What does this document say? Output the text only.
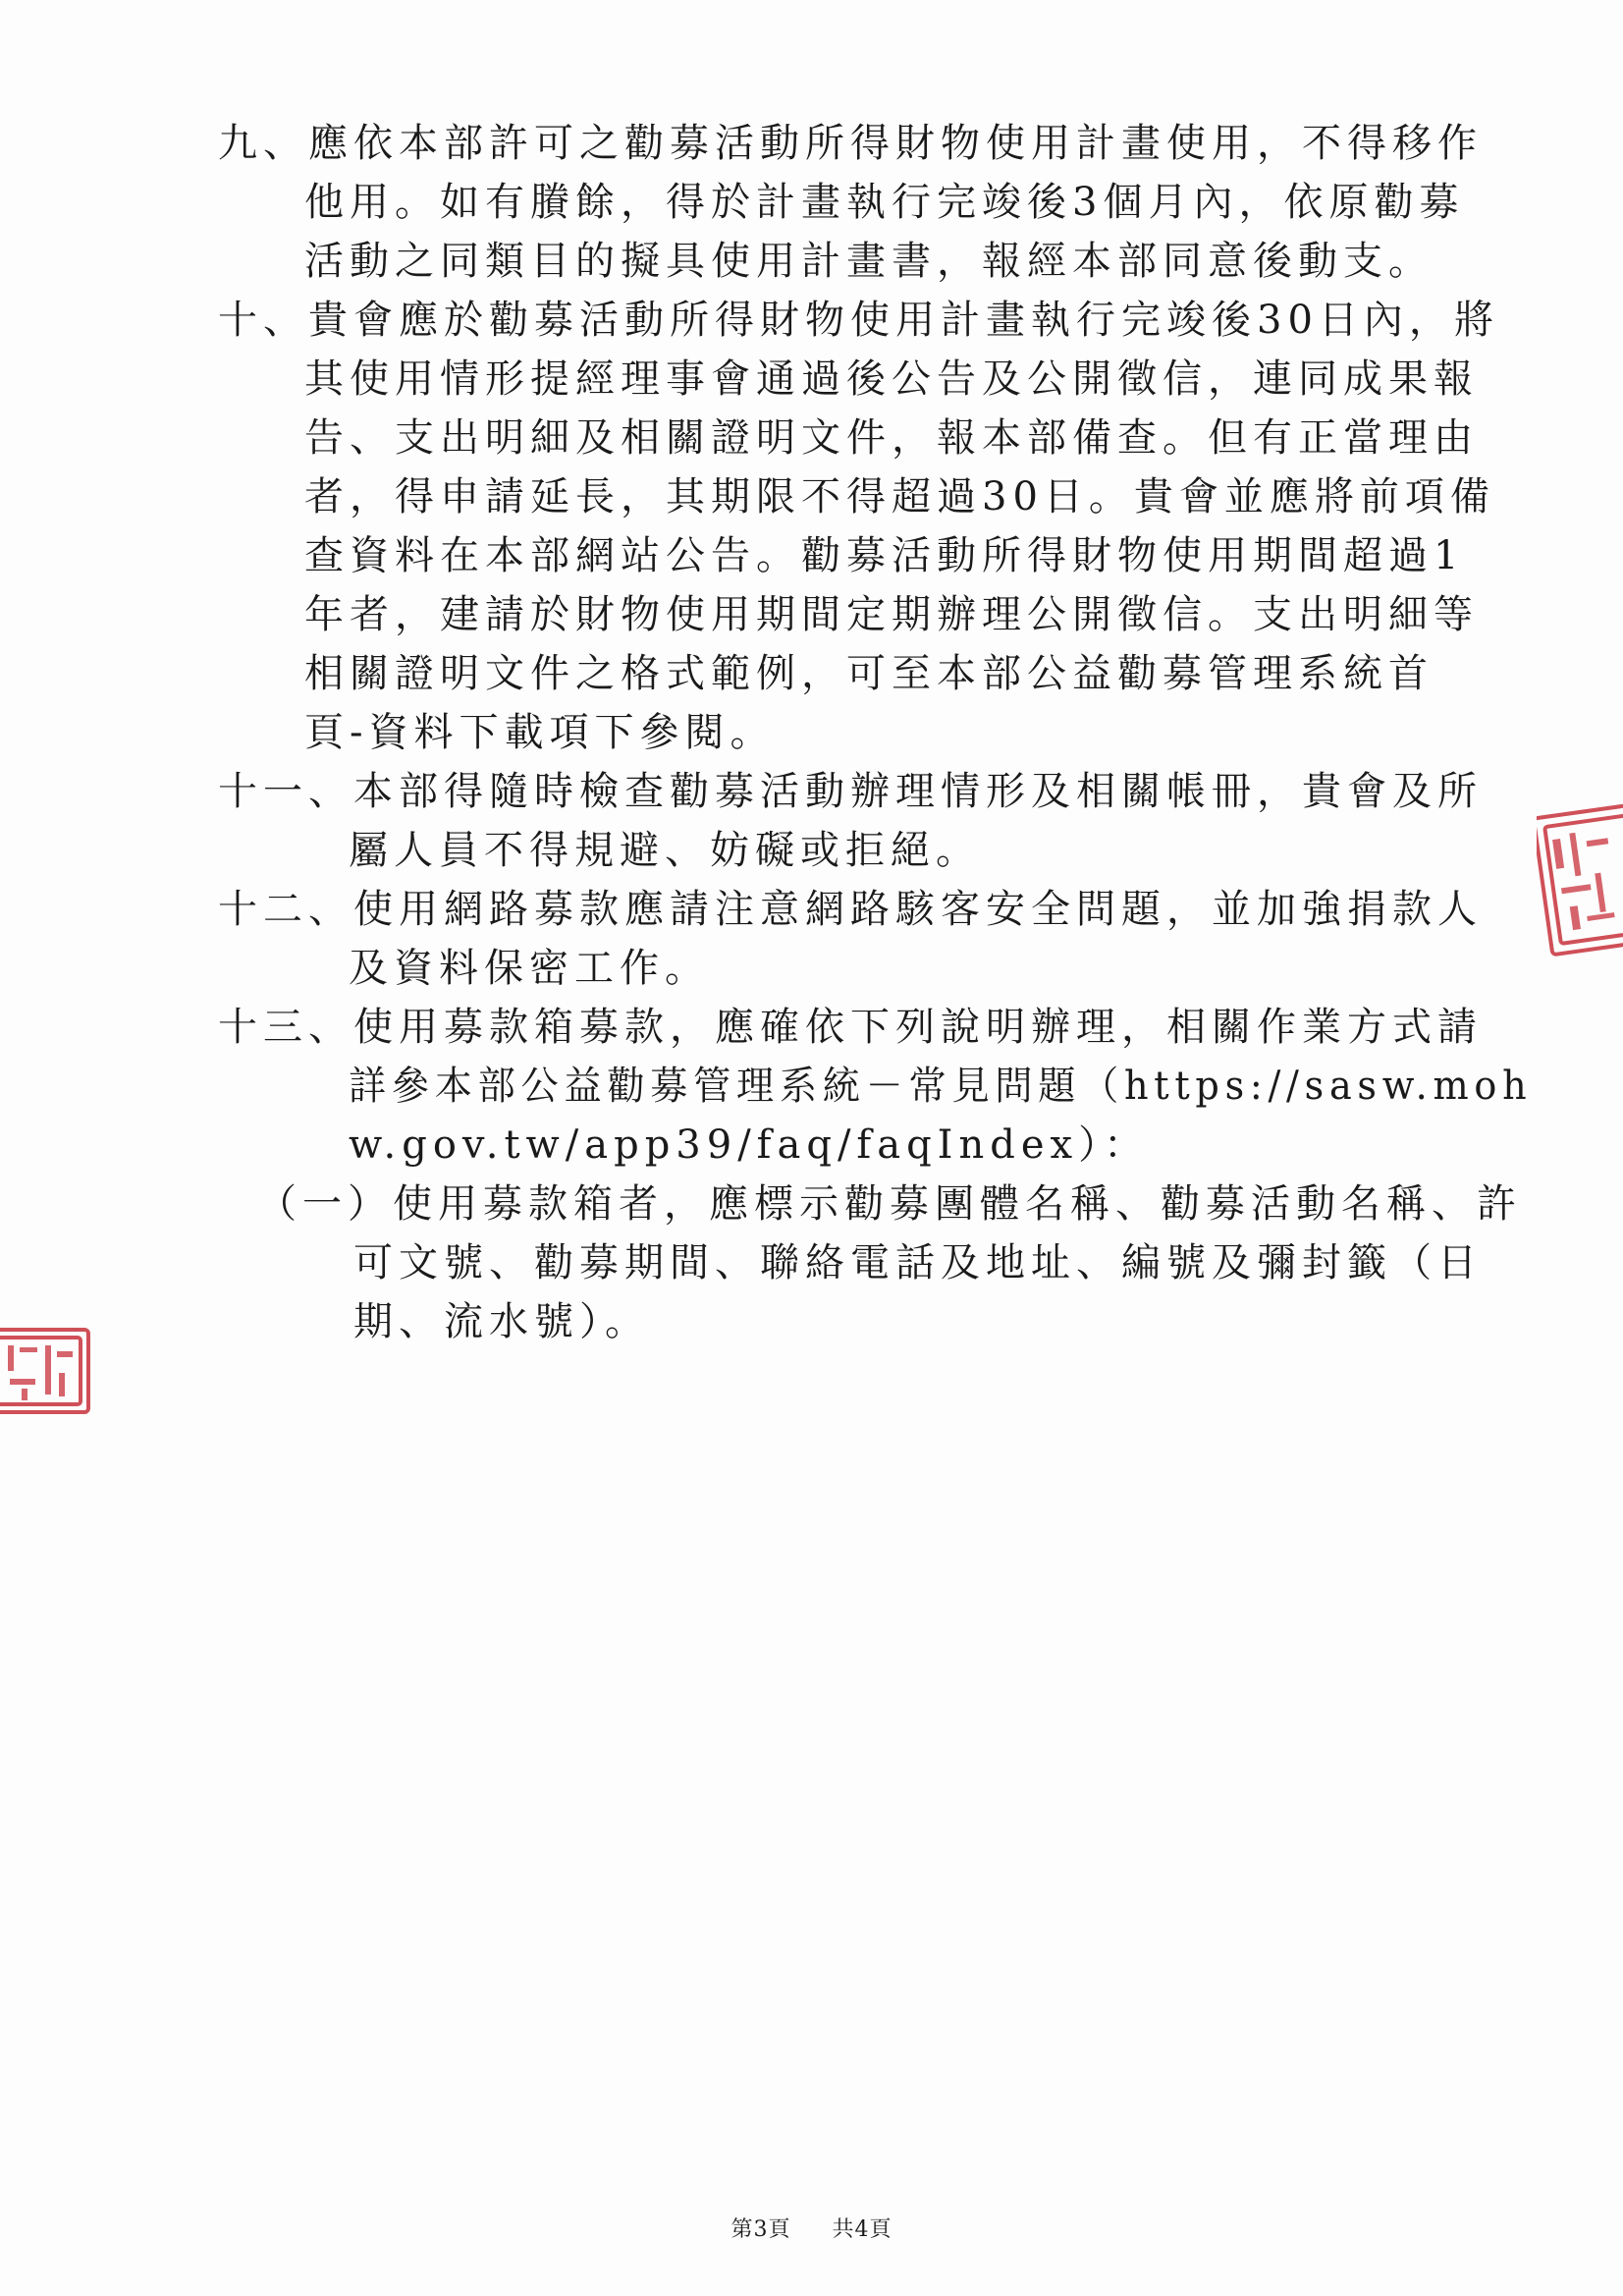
九、應依本部許可之勸募活動所得財物使用計畫使用，不得移作
他用。如有賸餘，得於計畫執行完竣後3個月內，依原勸募
活動之同類目的擬具使用計畫書，報經本部同意後動支。
十、貴會應於勸募活動所得財物使用計畫執行完竣後30日內，將
其使用情形提經理事會通過後公告及公開徵信，連同成果報
告、支出明細及相關證明文件，報本部備查。但有正當理由
者，得申請延長，其期限不得超過30日。貴會並應將前項備
查資料在本部網站公告。勸募活動所得財物使用期間超過1
年者，建請於財物使用期間定期辦理公開徵信。支出明細等
相關證明文件之格式範例，可至本部公益勸募管理系統首
頁-資料下載項下參閱。
十一、本部得隨時檢查勸募活動辦理情形及相關帳冊，貴會及所
屬人員不得規避、妨礙或拒絕。
十二、使用網路募款應請注意網路駭客安全問題，並加強捐款人
及資料保密工作。
十三、使用募款箱募款，應確依下列說明辦理，相關作業方式請
詳參本部公益勸募管理系統－常見問題（https://sasw.moh
w.gov.tw/app39/faq/faqIndex）：
（一）使用募款箱者，應標示勸募團體名稱、勸募活動名稱、許
可文號、勸募期間、聯絡電話及地址、編號及彌封籤（日
期、流水號）。
第3頁 共4頁
